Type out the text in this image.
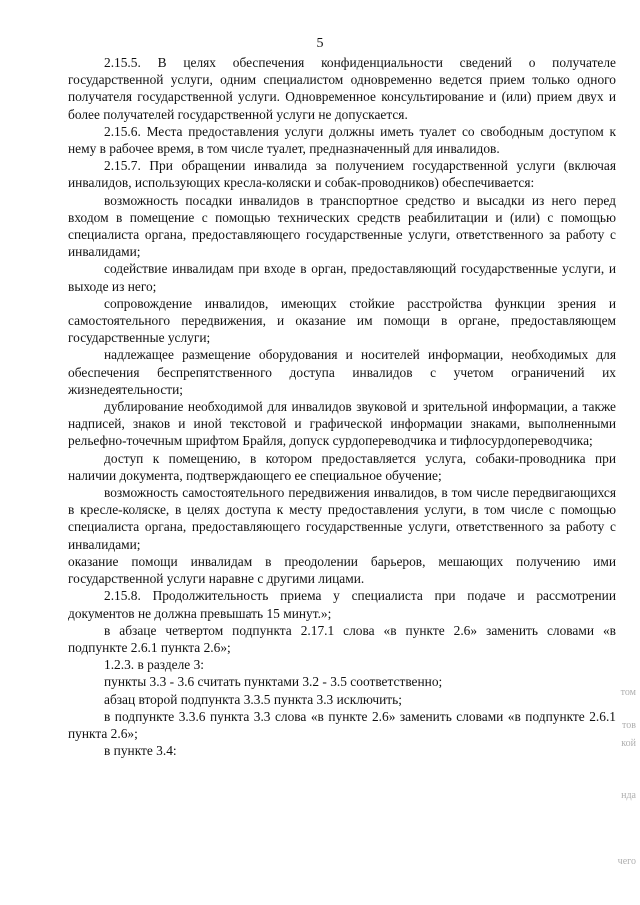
5

2.15.5. В целях обеспечения конфиденциальности сведений о получателе государственной услуги, одним специалистом одновременно ведется прием только одного получателя государственной услуги. Одновременное консультирование и (или) прием двух и более получателей государственной услуги не допускается.

2.15.6. Места предоставления услуги должны иметь туалет со свободным доступом к нему в рабочее время, в том числе туалет, предназначенный для инвалидов.

2.15.7. При обращении инвалида за получением государственной услуги (включая инвалидов, использующих кресла-коляски и собак-проводников) обеспечивается:

возможность посадки инвалидов в транспортное средство и высадки из него перед входом в помещение с помощью технических средств реабилитации и (или) с помощью специалиста органа, предоставляющего государственные услуги, ответственного за работу с инвалидами;

содействие инвалидам при входе в орган, предоставляющий государственные услуги, и выходе из него;

сопровождение инвалидов, имеющих стойкие расстройства функции зрения и самостоятельного передвижения, и оказание им помощи в органе, предоставляющем государственные услуги;

надлежащее размещение оборудования и носителей информации, необходимых для обеспечения беспрепятственного доступа инвалидов с учетом ограничений их жизнедеятельности;

дублирование необходимой для инвалидов звуковой и зрительной информации, а также надписей, знаков и иной текстовой и графической информации знаками, выполненными рельефно-точечным шрифтом Брайля, допуск сурдопереводчика и тифлосурдопереводчика;

доступ к помещению, в котором предоставляется услуга, собаки-проводника при наличии документа, подтверждающего ее специальное обучение;

возможность самостоятельного передвижения инвалидов, в том числе передвигающихся в кресле-коляске, в целях доступа к месту предоставления услуги, в том числе с помощью специалиста органа, предоставляющего государственные услуги, ответственного за работу с инвалидами;

оказание помощи инвалидам в преодолении барьеров, мешающих получению ими государственной услуги наравне с другими лицами.

2.15.8. Продолжительность приема у специалиста при подаче и рассмотрении документов не должна превышать 15 минут.»;

в абзаце четвертом подпункта 2.17.1 слова «в пункте 2.6» заменить словами «в подпункте 2.6.1 пункта 2.6»;

1.2.3. в разделе 3:

пункты 3.3 - 3.6 считать пунктами 3.2 - 3.5 соответственно;

абзац второй подпункта 3.3.5 пункта 3.3 исключить;

в подпункте 3.3.6 пункта 3.3 слова «в пункте 2.6» заменить словами «в подпункте 2.6.1 пункта 2.6»;

в пункте 3.4:

том
тов
кой
нда
чего
